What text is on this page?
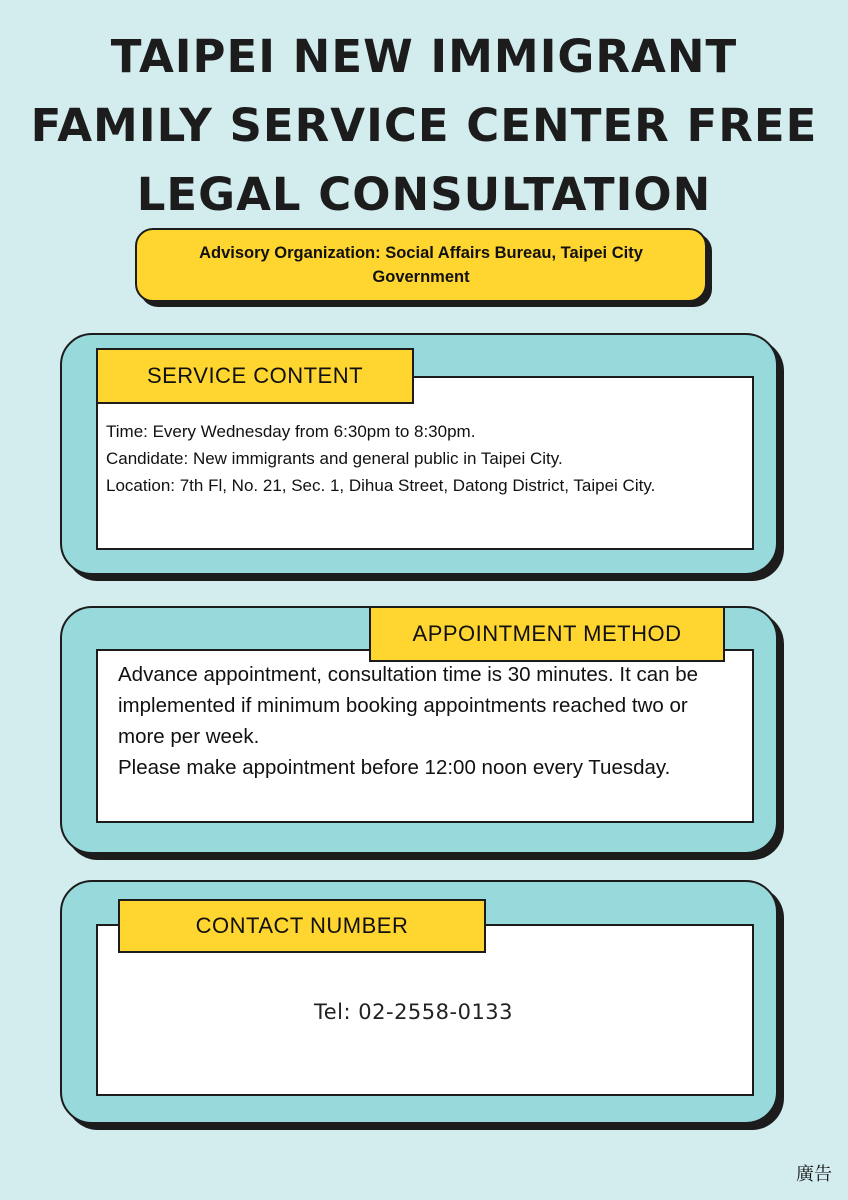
TAIPEI NEW IMMIGRANT
FAMILY SERVICE CENTER FREE
LEGAL CONSULTATION
Advisory Organization: Social Affairs Bureau, Taipei City Government

Time: Every Wednesday from 6:30pm to 8:30pm.

Candidate: New immigrants and general public in Taipei City.

Location: 7th Fl, No. 21, Sec. 1, Dihua Street, Datong District, Taipei City.

SERVICE CONTENT

Advance appointment, consultation time is 30 minutes. It can be implemented if minimum booking appointments reached two or more per week.

Please make appointment before 12:00 noon every Tuesday.

APPOINTMENT METHOD
Tel: 02-2558-0133
CONTACT NUMBER
廣告
